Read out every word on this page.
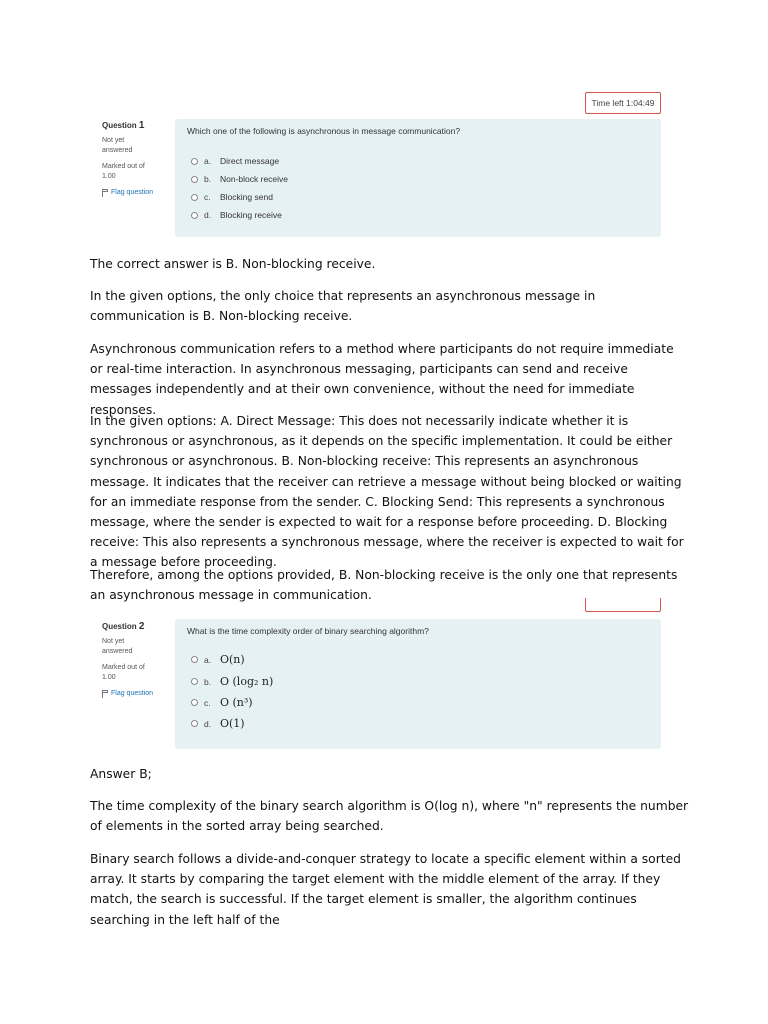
Time left 1:04:49
Question 1
Not yet
answered
Marked out of
1.00
Flag question
Which one of the following is asynchronous in message communication?
a.	Direct message
b.	Non-block receive
c.	Blocking send
d.	Blocking receive

The correct answer is B. Non-blocking receive.

In the given options, the only choice that represents an asynchronous message in communication is B. Non-blocking receive.

Asynchronous communication refers to a method where participants do not require immediate or real-time interaction. In asynchronous messaging, participants can send and receive messages independently and at their own convenience, without the need for immediate responses.

In the given options: A. Direct Message: This does not necessarily indicate whether it is synchronous or asynchronous, as it depends on the specific implementation. It could be either synchronous or asynchronous. B. Non-blocking receive: This represents an asynchronous message. It indicates that the receiver can retrieve a message without being blocked or waiting for an immediate response from the sender. C. Blocking Send: This represents a synchronous message, where the sender is expected to wait for a response before proceeding. D. Blocking receive: This also represents a synchronous message, where the receiver is expected to wait for a message before proceeding.

Therefore, among the options provided, B. Non-blocking receive is the only one that represents an asynchronous message in communication.

Question 2
Not yet
answered
Marked out of
1.00
Flag question
What is the time complexity order of binary searching algorithm?
a. O(n)
b. O (log₂ n)
c. O (n³)
d. O(1)

Answer B;

The time complexity of the binary search algorithm is O(log n), where "n" represents the number of elements in the sorted array being searched.

Binary search follows a divide-and-conquer strategy to locate a specific element within a sorted array. It starts by comparing the target element with the middle element of the array. If they match, the search is successful. If the target element is smaller, the algorithm continues searching in the left half of the
